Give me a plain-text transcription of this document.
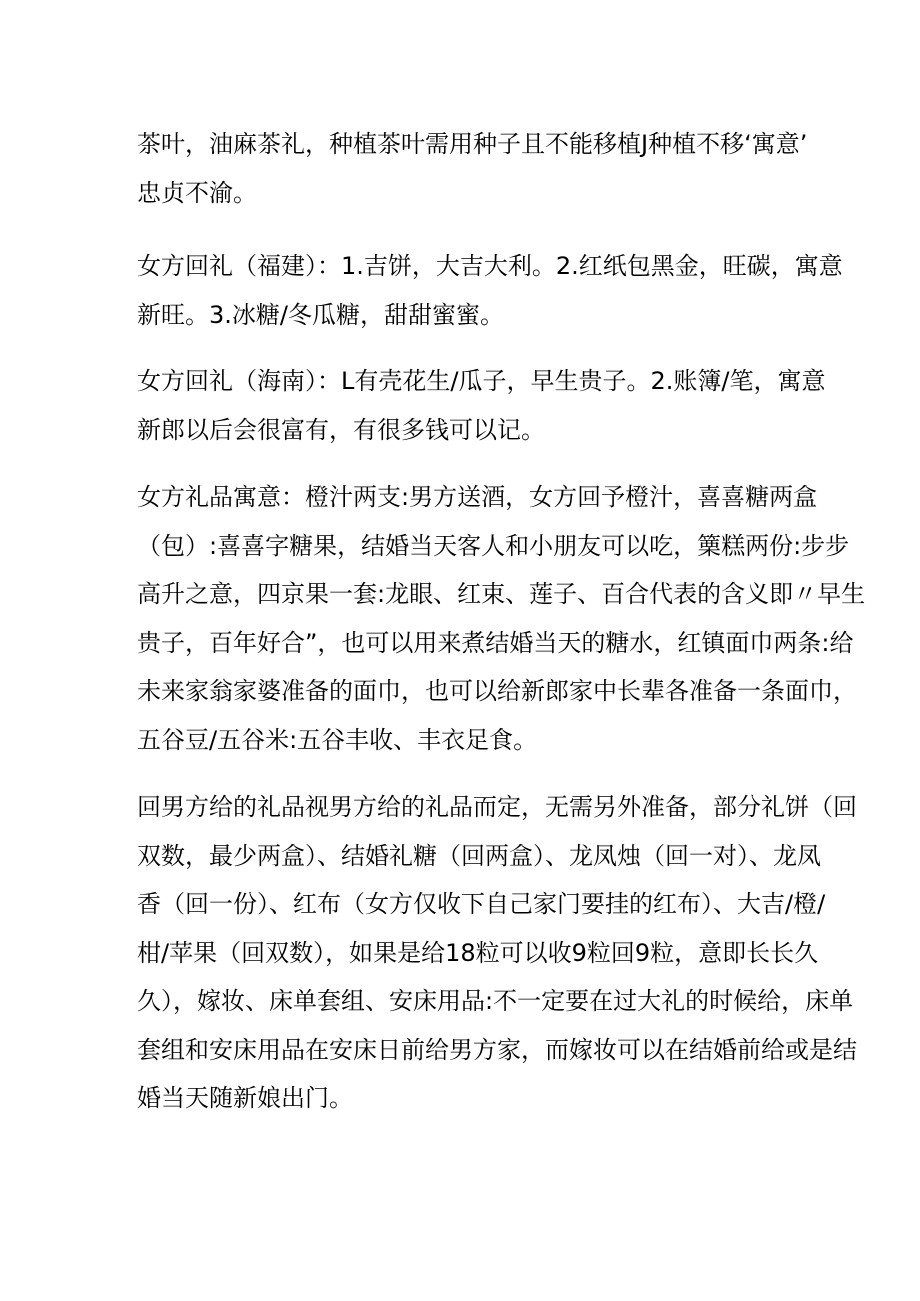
茶叶，油麻茶礼，种植茶叶需用种子且不能移植J种植不移‘寓意’
忠贞不渝。
女方回礼（福建）：1.吉饼，大吉大利。2.红纸包黑金，旺碳，寓意
新旺。3.冰糖/冬瓜糖，甜甜蜜蜜。
女方回礼（海南）：L有壳花生/瓜子，早生贵子。2.账簿/笔，寓意
新郎以后会很富有，有很多钱可以记。
女方礼品寓意：橙汁两支:男方送酒，女方回予橙汁，喜喜糖两盒
（包）:喜喜字糖果，结婚当天客人和小朋友可以吃，篥糕两份:步步
高升之意，四京果一套:龙眼、红束、莲子、百合代表的含义即〃早生
贵子，百年好合”，也可以用来煮结婚当天的糖水，红镇面巾两条:给
未来家翁家婆准备的面巾，也可以给新郎家中长辈各准备一条面巾，
五谷豆/五谷米:五谷丰收、丰衣足食。
回男方给的礼品视男方给的礼品而定，无需另外准备，部分礼饼（回
双数，最少两盒）、结婚礼糖（回两盒）、龙凤烛（回一对）、龙凤
香（回一份）、红布（女方仅收下自己家门要挂的红布）、大吉/橙/
柑/苹果（回双数），如果是给18粒可以收9粒回9粒，意即长长久
久），嫁妆、床单套组、安床用品:不一定要在过大礼的时候给，床单
套组和安床用品在安床日前给男方家，而嫁妆可以在结婚前给或是结
婚当天随新娘出门。
